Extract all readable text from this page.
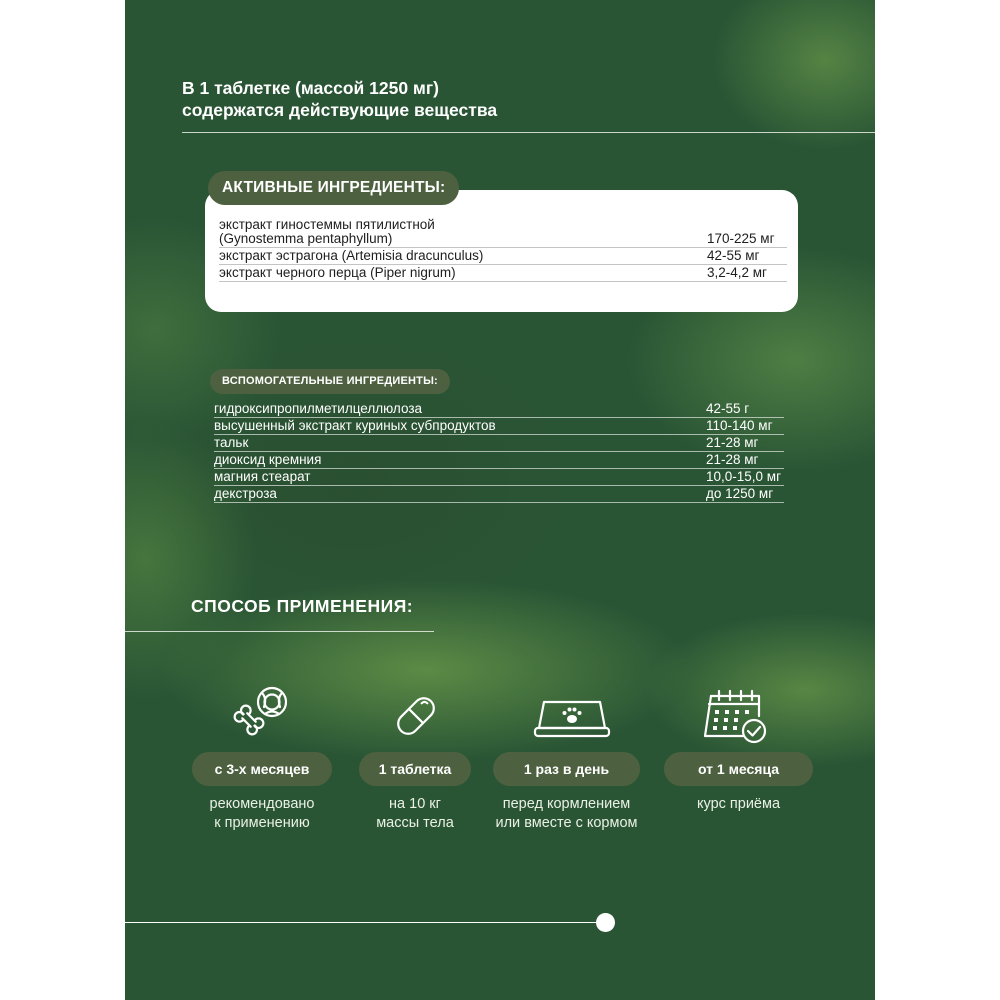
В 1 таблетке (массой 1250 мг)
содержатся действующие вещества
экстракт гиностеммы пятилистной
(Gynostemma pentaphyllum)	170-225 мг
экстракт эстрагона (Artemisia dracunculus)	42-55 мг
экстракт черного перца (Piper nigrum)	3,2-4,2 мг
АКТИВНЫЕ ИНГРЕДИЕНТЫ:
ВСПОМОГАТЕЛЬНЫЕ ИНГРЕДИЕНТЫ:
гидроксипропилметилцеллюлоза	42-55 г
высушенный экстракт куриных субпродуктов	110-140 мг
тальк	21-28 мг
диоксид кремния	21-28 мг
магния стеарат	10,0-15,0 мг
декстроза	до 1250 мг
СПОСОБ ПРИМЕНЕНИЯ:
с 3-х месяцев
рекомендовано
к применению
1 таблетка
на 10 кг
массы тела
1 раз в день
перед кормлением
или вместе с кормом
от 1 месяца
курс приёма
